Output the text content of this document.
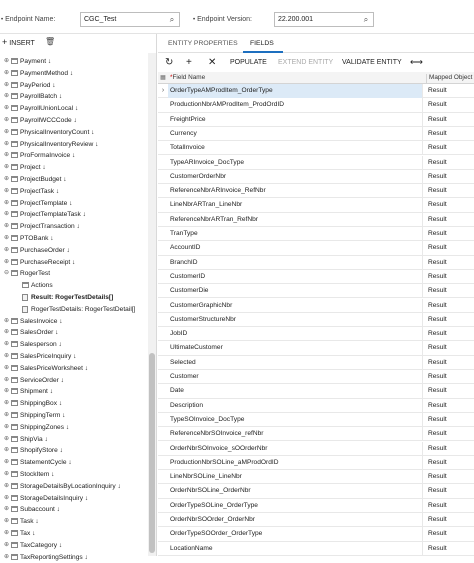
• Endpoint Name:	CGC_Test	⌕	• Endpoint Version:	22.200.001	⌕
+ INSERT 🗑
⊕ Payment ↓
⊕ PaymentMethod ↓
⊕ PayPeriod ↓
⊕ PayrollBatch ↓
⊕ PayrollUnionLocal ↓
⊕ PayrollWCCCode ↓
⊕ PhysicalInventoryCount ↓
⊕ PhysicalInventoryReview ↓
⊕ ProFormaInvoice ↓
⊕ Project ↓
⊕ ProjectBudget ↓
⊕ ProjectTask ↓
⊕ ProjectTemplate ↓
⊕ ProjectTemplateTask ↓
⊕ ProjectTransaction ↓
⊕ PTOBank ↓
⊕ PurchaseOrder ↓
⊕ PurchaseReceipt ↓
⊖ RogerTest
Actions
Result: RogerTestDetails[]
RogerTestDetails: RogerTestDetail[]
⊕ SalesInvoice ↓
⊕ SalesOrder ↓
⊕ Salesperson ↓
⊕ SalesPriceInquiry ↓
⊕ SalesPriceWorksheet ↓
⊕ ServiceOrder ↓
⊕ Shipment ↓
⊕ ShippingBox ↓
⊕ ShippingTerm ↓
⊕ ShippingZones ↓
⊕ ShipVia ↓
⊕ ShopifyStore ↓
⊕ StatementCycle ↓
⊕ StockItem ↓
⊕ StorageDetailsByLocationInquiry ↓
⊕ StorageDetailsInquiry ↓
⊕ Subaccount ↓
⊕ Task ↓
⊕ Tax ↓
⊕ TaxCategory ↓
⊕ TaxReportingSettings ↓
ENTITY PROPERTIES FIELDS
↻ + ✕ POPULATE EXTEND ENTITY VALIDATE ENTITY ⟷
▦ *Field Name	Mapped Object
› OrderTypeAMProdItem_OrderType	Result
ProductionNbrAMProdItem_ProdOrdID	Result
FreightPrice	Result
Currency	Result
TotalInvoice	Result
TypeARInvoice_DocType	Result
CustomerOrderNbr	Result
ReferenceNbrARInvoice_RefNbr	Result
LineNbrARTran_LineNbr	Result
ReferenceNbrARTran_RefNbr	Result
TranType	Result
AccountID	Result
BranchID	Result
CustomerID	Result
CustomerDie	Result
CustomerGraphicNbr	Result
CustomerStructureNbr	Result
JobID	Result
UltimateCustomer	Result
Selected	Result
Customer	Result
Date	Result
Description	Result
TypeSOInvoice_DocType	Result
ReferenceNbrSOInvoice_refNbr	Result
OrderNbrSOInvoice_sOOrderNbr	Result
ProductionNbrSOLine_aMProdOrdID	Result
LineNbrSOLine_LineNbr	Result
OrderNbrSOLine_OrderNbr	Result
OrderTypeSOLine_OrderType	Result
OrderNbrSOOrder_OrderNbr	Result
OrderTypeSOOrder_OrderType	Result
LocationName	Result
